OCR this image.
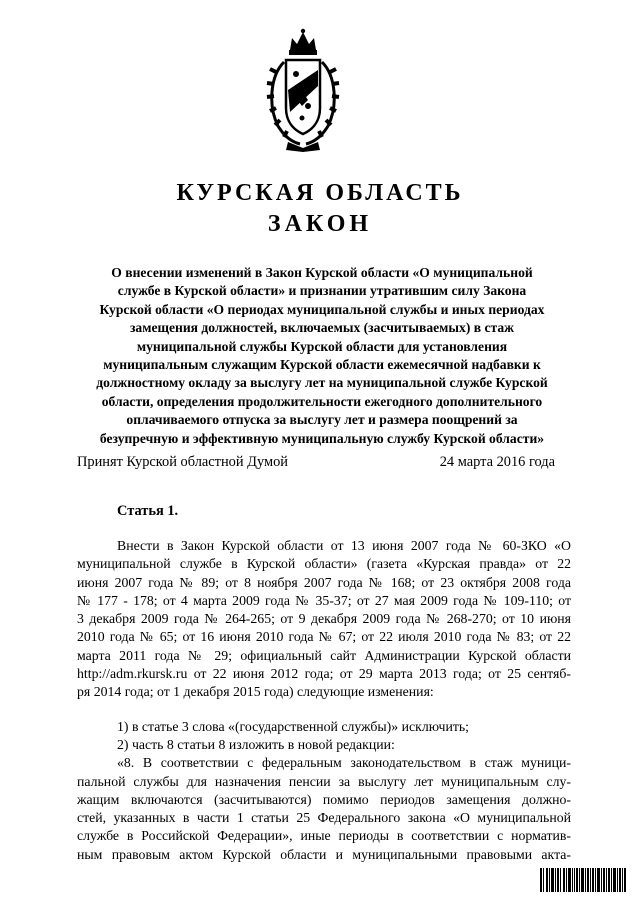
КУРСКАЯ ОБЛАСТЬ
ЗАКОН
О внесении изменений в Закон Курской области «О муниципальной
службе в Курской области» и признании утратившим силу Закона
Курской области «О периодах муниципальной службы и иных периодах
замещения должностей, включаемых (засчитываемых) в стаж
муниципальной службы Курской области для установления
муниципальным служащим Курской области ежемесячной надбавки к
должностному окладу за выслугу лет на муниципальной службе Курской
области, определения продолжительности ежегодного дополнительного
оплачиваемого отпуска за выслугу лет и размера поощрений за
безупречную и эффективную муниципальную службу Курской области»
Принят Курской областной Думой	24 марта 2016 года
Статья 1.
Внести в Закон Курской области от 13 июня 2007 года № 60-ЗКО «О
муниципальной службе в Курской области» (газета «Курская правда» от 22
июня 2007 года № 89; от 8 ноября 2007 года № 168; от 23 октября 2008 года
№ 177 - 178; от 4 марта 2009 года № 35-37; от 27 мая 2009 года № 109-110; от
3 декабря 2009 года № 264-265; от 9 декабря 2009 года № 268-270; от 10 июня
2010 года № 65; от 16 июня 2010 года № 67; от 22 июля 2010 года № 83; от 22
марта 2011 года № 29; официальный сайт Администрации Курской области
http://adm.rkursk.ru от 22 июня 2012 года; от 29 марта 2013 года; от 25 сентяб-
ря 2014 года; от 1 декабря 2015 года) следующие изменения:
1) в статье 3 слова «(государственной службы)» исключить;
2) часть 8 статьи 8 изложить в новой редакции:
«8. В соответствии с федеральным законодательством в стаж муници-
пальной службы для назначения пенсии за выслугу лет муниципальным слу-
жащим включаются (засчитываются) помимо периодов замещения должно-
стей, указанных в части 1 статьи 25 Федерального закона «О муниципальной
службе в Российской Федерации», иные периоды в соответствии с норматив-
ным правовым актом Курской области и муниципальными правовыми акта-
